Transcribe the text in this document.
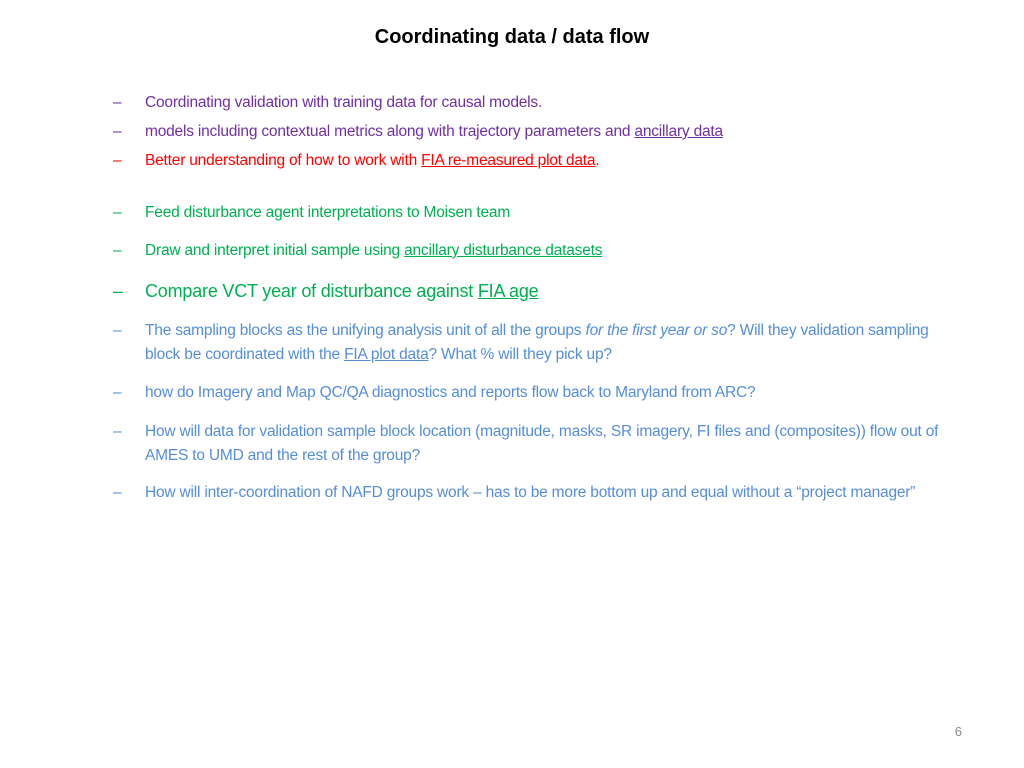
Coordinating data / data flow
– Coordinating validation with training data for causal models.
– models including contextual metrics along with trajectory parameters and ancillary data
– Better understanding of how to work with FIA re-measured plot data.
– Feed disturbance agent interpretations to Moisen team
– Draw and interpret initial sample using ancillary disturbance datasets
– Compare VCT year of disturbance against FIA age
– The sampling blocks as the unifying analysis unit of all the groups for the first year or so? Will they validation sampling block be coordinated with the FIA plot data? What % will they pick up?
– how do Imagery and Map QC/QA diagnostics and reports flow back to Maryland from ARC?
– How will data for validation sample block location (magnitude, masks, SR imagery, FI files and (composites)) flow out of AMES to UMD and the rest of the group?
– How will inter-coordination of NAFD groups work – has to be more bottom up and equal without a “project manager”
6
